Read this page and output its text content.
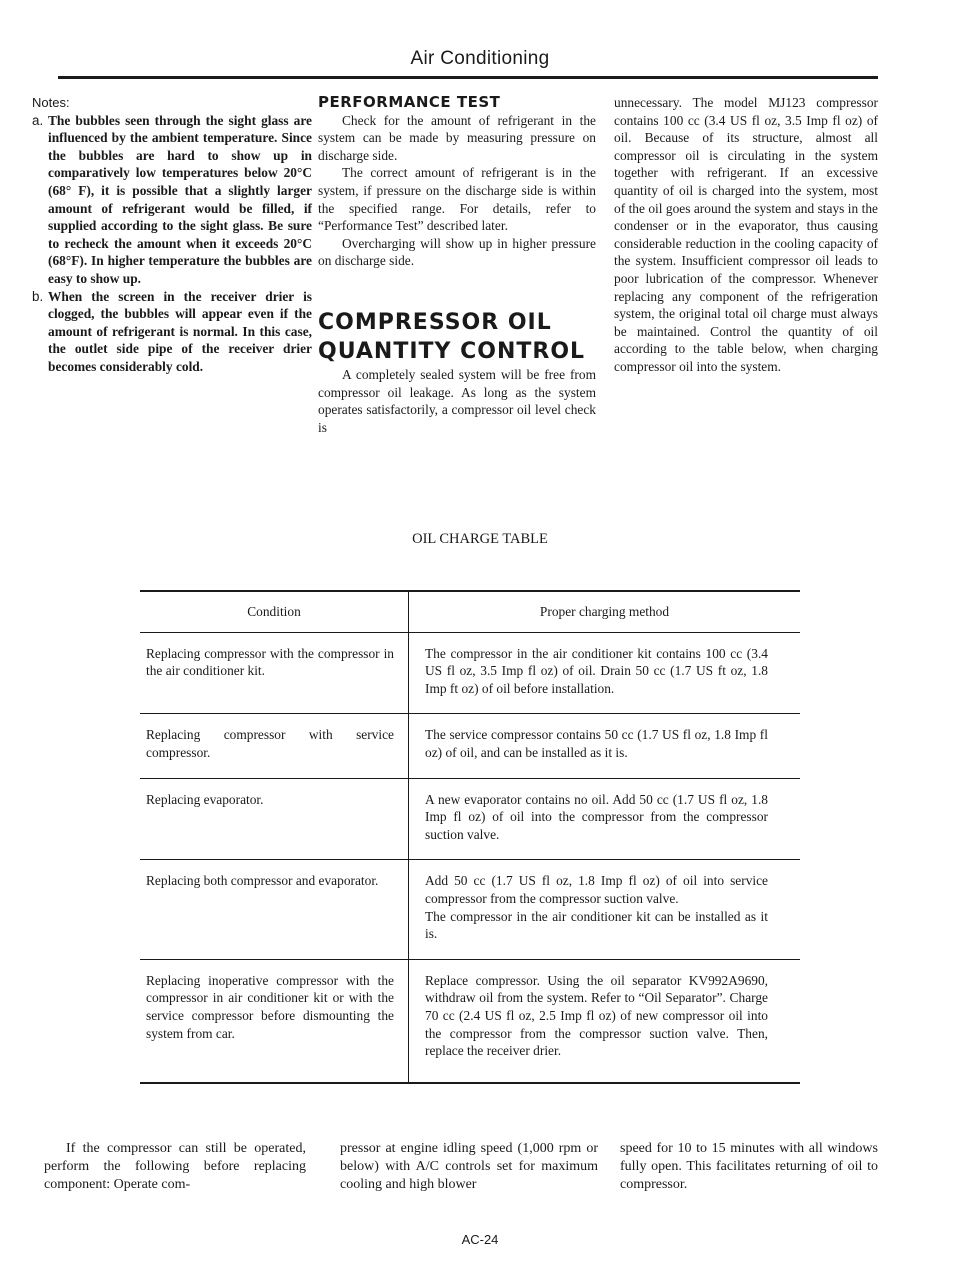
Air Conditioning

Notes:

a. The bubbles seen through the sight glass are influenced by the ambient temperature. Since the bubbles are hard to show up in comparatively low temperatures below 20°C (68° F), it is possible that a slightly larger amount of refrigerant would be filled, if supplied according to the sight glass. Be sure to recheck the amount when it exceeds 20°C (68°F). In higher temperature the bubbles are easy to show up.
b. When the screen in the receiver drier is clogged, the bubbles will appear even if the amount of refrigerant is normal. In this case, the outlet side pipe of the receiver drier becomes considerably cold.

PERFORMANCE TEST

Check for the amount of refrigerant in the system can be made by measuring pressure on discharge side.

The correct amount of refrigerant is in the system, if pressure on the discharge side is within the specified range. For details, refer to “Performance Test” described later.

Overcharging will show up in higher pressure on discharge side.

COMPRESSOR OIL
QUANTITY CONTROL

A completely sealed system will be free from compressor oil leakage. As long as the system operates satisfactorily, a compressor oil level check is

unnecessary. The model MJ123 compressor contains 100 cc (3.4 US fl oz, 3.5 Imp fl oz) of oil. Because of its structure, almost all compressor oil is circulating in the system together with refrigerant. If an excessive quantity of oil is charged into the system, most of the oil goes around the system and stays in the condenser or in the evaporator, thus causing considerable reduction in the cooling capacity of the system. Insufficient compressor oil leads to poor lubrication of the compressor. Whenever replacing any component of the refrigeration system, the original total oil charge must always be maintained. Control the quantity of oil according to the table below, when charging compressor oil into the system.

OIL CHARGE TABLE
Condition	Proper charging method
Replacing compressor with the compressor in the air conditioner kit.	The compressor in the air conditioner kit contains 100 cc (3.4 US fl oz, 3.5 Imp fl oz) of oil. Drain 50 cc (1.7 US ft oz, 1.8 Imp ft oz) of oil before installation.
Replacing compressor with service compressor.	The service compressor contains 50 cc (1.7 US fl oz, 1.8 Imp fl oz) of oil, and can be installed as it is.
Replacing evaporator.	A new evaporator contains no oil. Add 50 cc (1.7 US fl oz, 1.8 Imp fl oz) of oil into the compressor from the compressor suction valve.
Replacing both compressor and evaporator.	Add 50 cc (1.7 US fl oz, 1.8 Imp fl oz) of oil into service compressor from the compressor suction valve.
The compressor in the air conditioner kit can be installed as it is.

Replacing inoperative compressor with the compressor in air conditioner kit or with the service compressor before dismounting the system from car.	Replace compressor. Using the oil separator KV992A9690, withdraw oil from the system. Refer to “Oil Separator”. Charge 70 cc (2.4 US fl oz, 2.5 Imp fl oz) of new compressor oil into the compressor from the compressor suction valve. Then, replace the receiver drier.
If the compressor can still be operated, perform the following before replacing component: Operate com-
pressor at engine idling speed (1,000 rpm or below) with A/C controls set for maximum cooling and high blower
speed for 10 to 15 minutes with all windows fully open. This facilitates returning of oil to compressor.
AC-24
